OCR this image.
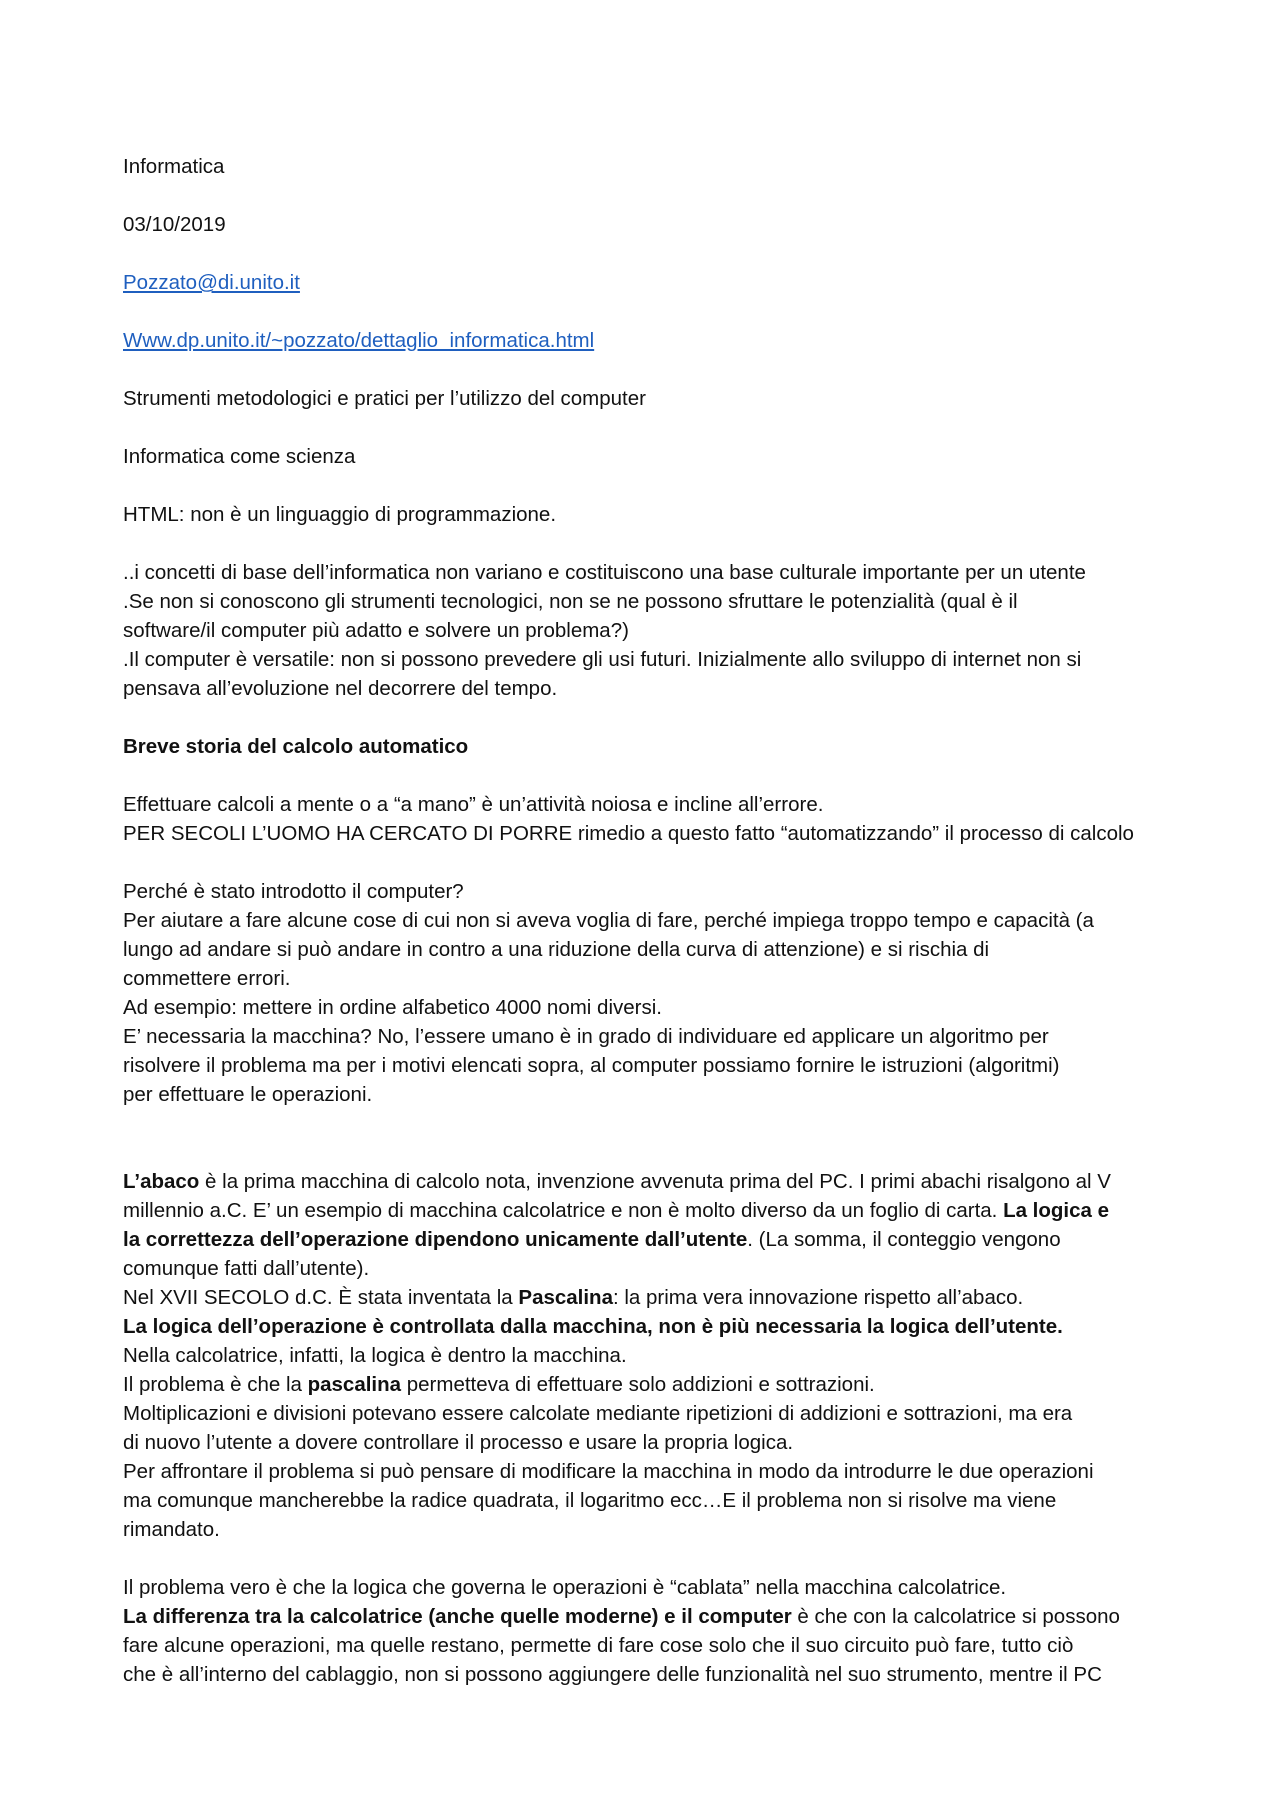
Informatica
03/10/2019
Pozzato@di.unito.it
Www.dp.unito.it/~pozzato/dettaglio_informatica.html
Strumenti metodologici e pratici per l’utilizzo del computer
Informatica come scienza
HTML: non è un linguaggio di programmazione.
..i concetti di base dell’informatica non variano e costituiscono una base culturale importante per un utente
.Se non si conoscono gli strumenti tecnologici, non se ne possono sfruttare le potenzialità (qual è il
software/il computer più adatto e solvere un problema?)
.Il computer è versatile: non si possono prevedere gli usi futuri. Inizialmente allo sviluppo di internet non si
pensava all’evoluzione nel decorrere del tempo.
Breve storia del calcolo automatico
Effettuare calcoli a mente o a “a mano” è un’attività noiosa e incline all’errore.
PER SECOLI L’UOMO HA CERCATO DI PORRE rimedio a questo fatto “automatizzando” il processo di calcolo
Perché è stato introdotto il computer?
Per aiutare a fare alcune cose di cui non si aveva voglia di fare, perché impiega troppo tempo e capacità (a
lungo ad andare si può andare in contro a una riduzione della curva di attenzione) e si rischia di
commettere errori.
Ad esempio: mettere in ordine alfabetico 4000 nomi diversi.
E’ necessaria la macchina? No, l’essere umano è in grado di individuare ed applicare un algoritmo per
risolvere il problema ma per i motivi elencati sopra, al computer possiamo fornire le istruzioni (algoritmi)
per effettuare le operazioni.
L’abaco è la prima macchina di calcolo nota, invenzione avvenuta prima del PC. I primi abachi risalgono al V
millennio a.C. E’ un esempio di macchina calcolatrice e non è molto diverso da un foglio di carta. La logica e
la correttezza dell’operazione dipendono unicamente dall’utente. (La somma, il conteggio vengono
comunque fatti dall’utente).
Nel XVII SECOLO d.C. È stata inventata la Pascalina: la prima vera innovazione rispetto all’abaco.
La logica dell’operazione è controllata dalla macchina, non è più necessaria la logica dell’utente.
Nella calcolatrice, infatti, la logica è dentro la macchina.
Il problema è che la pascalina permetteva di effettuare solo addizioni e sottrazioni.
Moltiplicazioni e divisioni potevano essere calcolate mediante ripetizioni di addizioni e sottrazioni, ma era
di nuovo l’utente a dovere controllare il processo e usare la propria logica.
Per affrontare il problema si può pensare di modificare la macchina in modo da introdurre le due operazioni
ma comunque mancherebbe la radice quadrata, il logaritmo ecc…E il problema non si risolve ma viene
rimandato.
Il problema vero è che la logica che governa le operazioni è “cablata” nella macchina calcolatrice.
La differenza tra la calcolatrice (anche quelle moderne) e il computer è che con la calcolatrice si possono
fare alcune operazioni, ma quelle restano, permette di fare cose solo che il suo circuito può fare, tutto ciò
che è all’interno del cablaggio, non si possono aggiungere delle funzionalità nel suo strumento, mentre il PC
